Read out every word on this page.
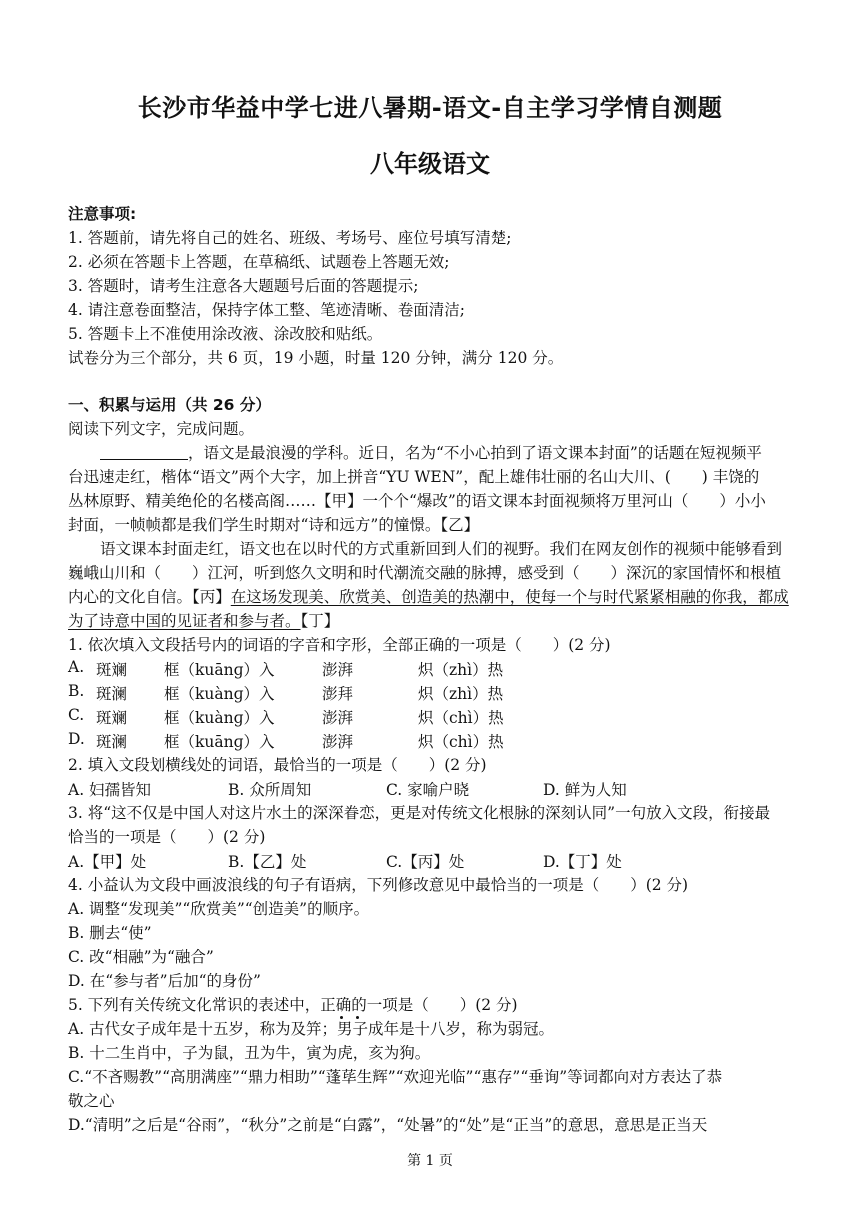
长沙市华益中学七进八暑期-语文-自主学习学情自测题
八年级语文
注意事项:
1. 答题前，请先将自己的姓名、班级、考场号、座位号填写清楚;
2. 必须在答题卡上答题，在草稿纸、试题卷上答题无效;
3. 答题时，请考生注意各大题题号后面的答题提示;
4. 请注意卷面整洁，保持字体工整、笔迹清晰、卷面清洁;
5. 答题卡上不准使用涂改液、涂改胶和贴纸。
试卷分为三个部分，共 6 页，19 小题，时量 120 分钟，满分 120 分。
一、积累与运用（共 26 分）
阅读下列文字，完成问题。
，语文是最浪漫的学科。近日，名为“不小心拍到了语文课本封面”的话题在短视频平
台迅速走红，楷体“语文”两个大字，加上拼音“YU WEN”，配上雄伟壮丽的名山大川、(　　) 丰饶的
丛林原野、精美绝伦的名楼高阁……【甲】一个个“爆改”的语文课本封面视频将万里河山（　　）小小
封面，一帧帧都是我们学生时期对“诗和远方”的憧憬。【乙】
语文课本封面走红，语文也在以时代的方式重新回到人们的视野。我们在网友创作的视频中能够看到
巍峨山川和（　　）江河，听到悠久文明和时代潮流交融的脉搏，感受到（　　）深沉的家国情怀和根植
内心的文化自信。【丙】在这场发现美、欣赏美、创造美的热潮中，使每一个与时代紧紧相融的你我，都成
为了诗意中国的见证者和参与者。【丁】
1. 依次填入文段括号内的词语的字音和字形，全部正确的一项是（　　）(2 分)
A. 斑斓 框（kuānɡ）入	澎湃	炽（zhì）热
B. 斑澜 框（kuànɡ）入	澎拜	炽（zhì）热
C. 斑斓 框（kuànɡ）入	澎湃	炽（chì）热
D. 斑澜 框（kuānɡ）入	澎湃	炽（chì）热
2. 填入文段划横线处的词语，最恰当的一项是（　　）(2 分)
A. 妇孺皆知	B. 众所周知	C. 家喻户晓	D. 鲜为人知
3. 将“这不仅是中国人对这片水土的深深眷恋，更是对传统文化根脉的深刻认同”一句放入文段，衔接最
恰当的一项是（　　）(2 分)
A.【甲】处	B.【乙】处	C.【丙】处	D.【丁】处
4. 小益认为文段中画波浪线的句子有语病，下列修改意见中最恰当的一项是（　　）(2 分)
A. 调整“发现美”“欣赏美”“创造美”的顺序。
B. 删去“使”
C. 改“相融”为“融合”
D. 在“参与者”后加“的身份”
5. 下列有关传统文化常识的表述中，正确的一项是（　　）(2 分)
A. 古代女子成年是十五岁，称为及笄；男子成年是十八岁，称为弱冠。
B. 十二生肖中，子为鼠，丑为牛，寅为虎，亥为狗。
C.“不吝赐教”“高朋满座”“鼎力相助”“蓬荜生辉”“欢迎光临”“惠存”“垂询”等词都向对方表达了恭
敬之心
D.“清明”之后是“谷雨”，“秋分”之前是“白露”，“处暑”的“处”是“正当”的意思，意思是正当天
第 1 页
